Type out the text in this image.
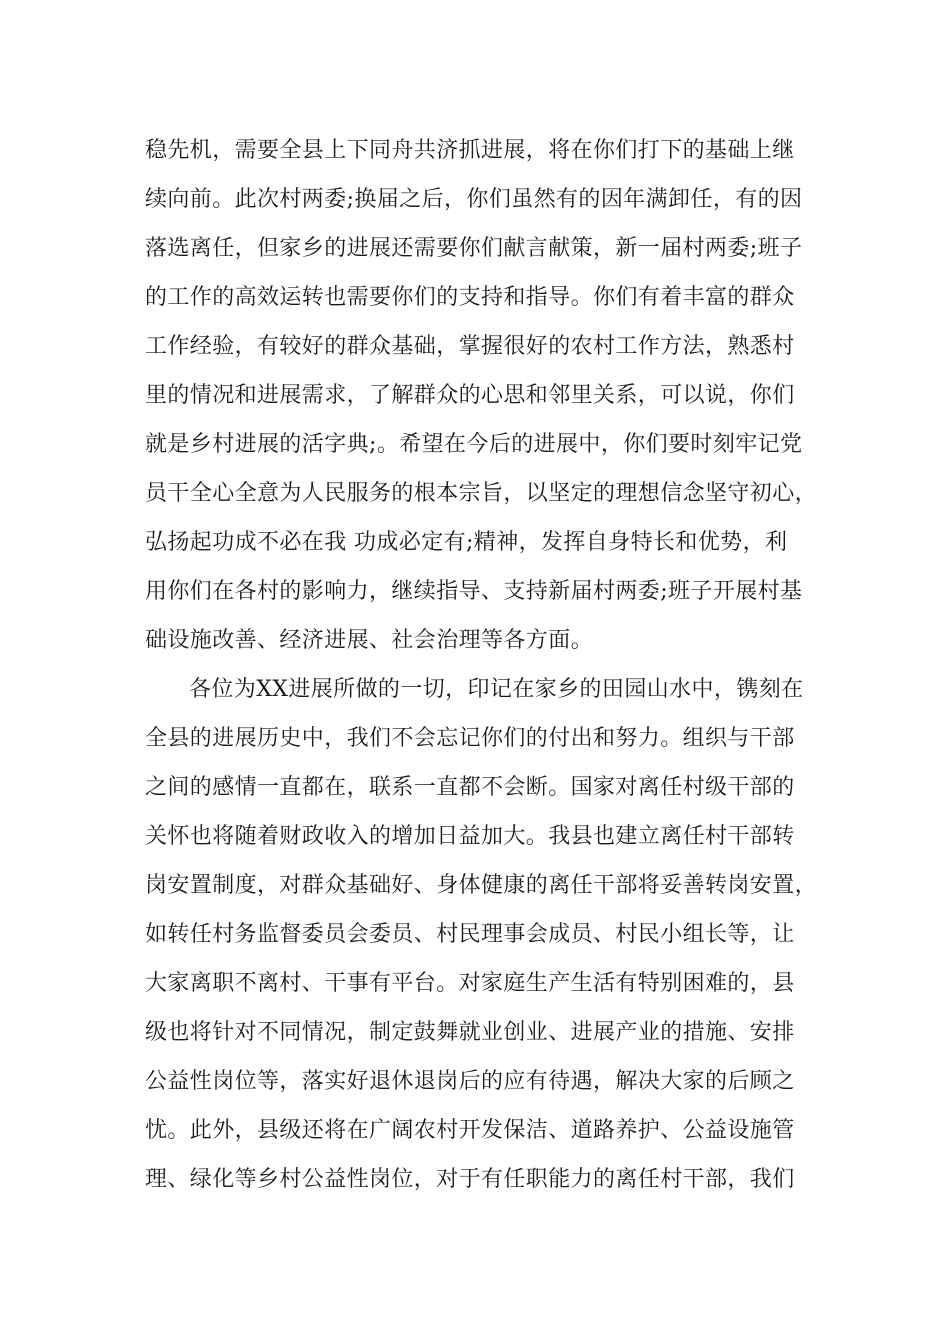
稳先机，需要全县上下同舟共济抓进展，将在你们打下的基础上继
续向前。此次村两委;换届之后，你们虽然有的因年满卸任，有的因
落选离任，但家乡的进展还需要你们献言献策，新一届村两委;班子
的工作的高效运转也需要你们的支持和指导。你们有着丰富的群众
工作经验，有较好的群众基础，掌握很好的农村工作方法，熟悉村
里的情况和进展需求，了解群众的心思和邻里关系，可以说，你们
就是乡村进展的活字典;。希望在今后的进展中，你们要时刻牢记党
员干全心全意为人民服务的根本宗旨，以坚定的理想信念坚守初心，
弘扬起功成不必在我 功成必定有;精神，发挥自身特长和优势，利
用你们在各村的影响力，继续指导、支持新届村两委;班子开展村基
础设施改善、经济进展、社会治理等各方面。
各位为XX进展所做的一切，印记在家乡的田园山水中，镌刻在
全县的进展历史中，我们不会忘记你们的付出和努力。组织与干部
之间的感情一直都在，联系一直都不会断。国家对离任村级干部的
关怀也将随着财政收入的增加日益加大。我县也建立离任村干部转
岗安置制度，对群众基础好、身体健康的离任干部将妥善转岗安置，
如转任村务监督委员会委员、村民理事会成员、村民小组长等，让
大家离职不离村、干事有平台。对家庭生产生活有特别困难的，县
级也将针对不同情况，制定鼓舞就业创业、进展产业的措施、安排
公益性岗位等，落实好退休退岗后的应有待遇，解决大家的后顾之
忧。此外，县级还将在广阔农村开发保洁、道路养护、公益设施管
理、绿化等乡村公益性岗位，对于有任职能力的离任村干部，我们
